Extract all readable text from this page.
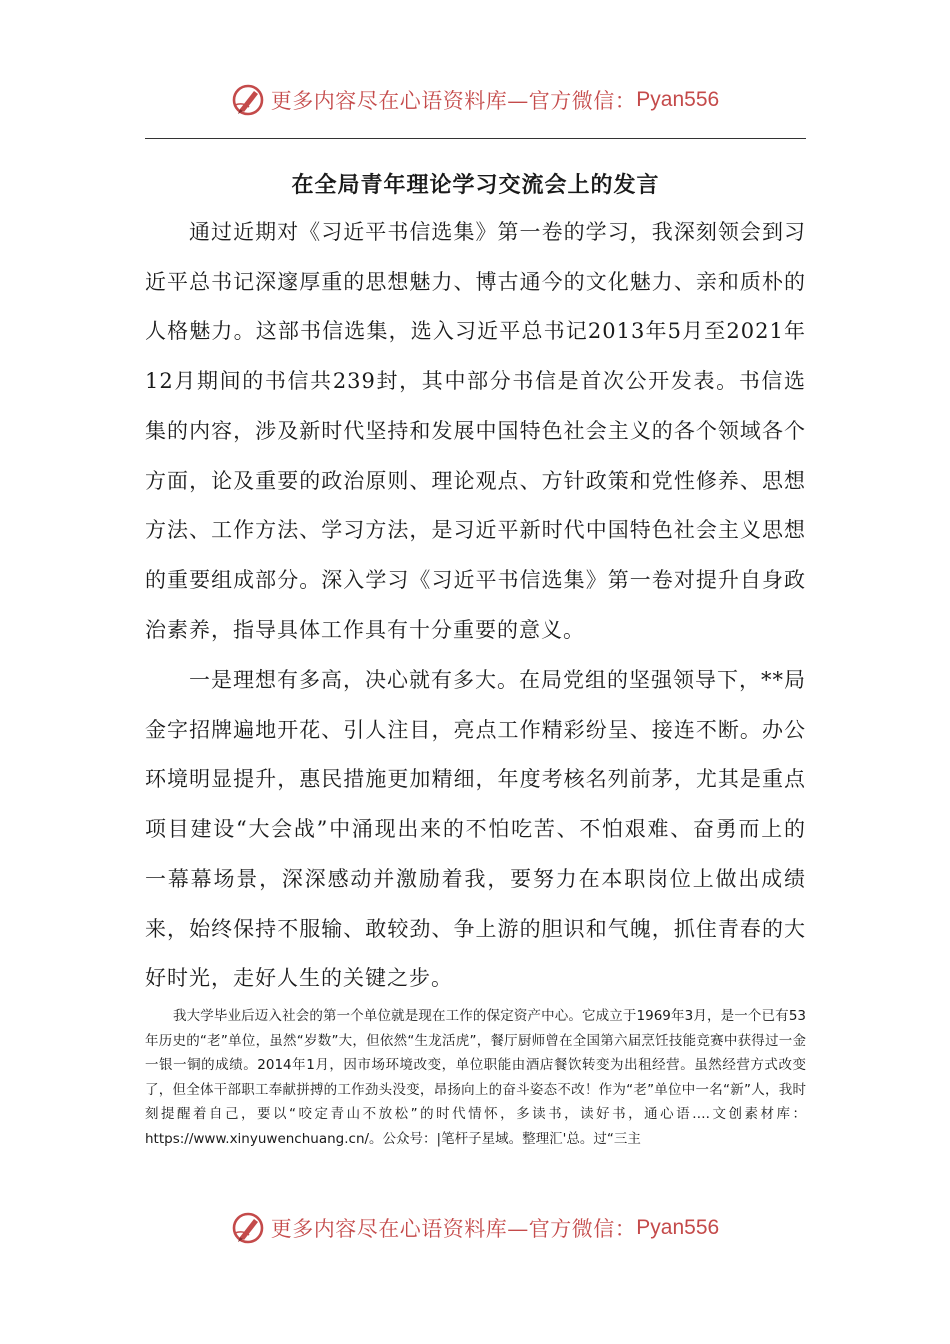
更多内容尽在心语资料库—官方微信： Pyan556
在全局青年理论学习交流会上的发言

通过近期对《习近平书信选集》第一卷的学习，我深刻领会到习近平总书记深邃厚重的思想魅力、博古通今的文化魅力、亲和质朴的人格魅力。这部书信选集，选入习近平总书记2013年5月至2021年12月期间的书信共239封，其中部分书信是首次公开发表。书信选集的内容，涉及新时代坚持和发展中国特色社会主义的各个领域各个方面，论及重要的政治原则、理论观点、方针政策和党性修养、思想方法、工作方法、学习方法，是习近平新时代中国特色社会主义思想的重要组成部分。深入学习《习近平书信选集》第一卷对提升自身政治素养，指导具体工作具有十分重要的意义。

一是理想有多高，决心就有多大。在局党组的坚强领导下，**局金字招牌遍地开花、引人注目，亮点工作精彩纷呈、接连不断。办公环境明显提升，惠民措施更加精细，年度考核名列前茅，尤其是重点项目建设“大会战”中涌现出来的不怕吃苦、不怕艰难、奋勇而上的一幕幕场景，深深感动并激励着我，要努力在本职岗位上做出成绩来，始终保持不服输、敢较劲、争上游的胆识和气魄，抓住青春的大好时光，走好人生的关键之步。

我大学毕业后迈入社会的第一个单位就是现在工作的保定资产中心。它成立于1969年3月，是一个已有53年历史的“老”单位，虽然“岁数”大，但依然“生龙活虎”，餐厅厨师曾在全国第六届烹饪技能竞赛中获得过一金一银一铜的成绩。2014年1月，因市场环境改变，单位职能由酒店餐饮转变为出租经营。虽然经营方式改变了，但全体干部职工奉献拼搏的工作劲头没变，昂扬向上的奋斗姿态不改！作为“老”单位中一名“新”人，我时刻提醒着自己，要以“咬定青山不放松”的时代情怀，多读书，读好书，通心语….文创素材库：https://www.xinyuwenchuang.cn/。公众号：|笔杆子星域。整理汇'总。过“三主

更多内容尽在心语资料库—官方微信： Pyan556
